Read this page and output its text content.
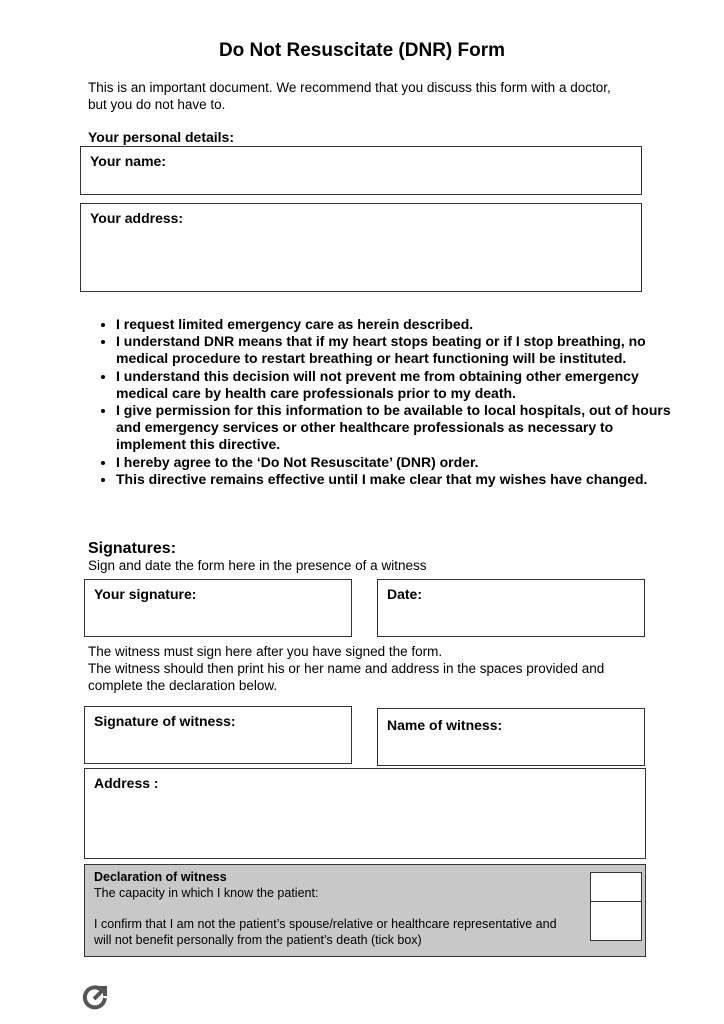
Do Not Resuscitate (DNR) Form
This is an important document. We recommend that you discuss this form with a doctor, but you do not have to.
Your personal details:
Your name:
Your address:
• I request limited emergency care as herein described.
• I understand DNR means that if my heart stops beating or if I stop breathing, no medical procedure to restart breathing or heart functioning will be instituted.
• I understand this decision will not prevent me from obtaining other emergency medical care by health care professionals prior to my death.
• I give permission for this information to be available to local hospitals, out of hours and emergency services or other healthcare professionals as necessary to implement this directive.
• I hereby agree to the ‘Do Not Resuscitate’ (DNR) order.
• This directive remains effective until I make clear that my wishes have changed.
Signatures:
Sign and date the form here in the presence of a witness
Your signature:	Date:
The witness must sign here after you have signed the form.
The witness should then print his or her name and address in the spaces provided and complete the declaration below.
Signature of witness:	Name of witness:
Address :
Declaration of witness
The capacity in which I know the patient:
I confirm that I am not the patient’s spouse/relative or healthcare representative and will not benefit personally from the patient’s death (tick box)
